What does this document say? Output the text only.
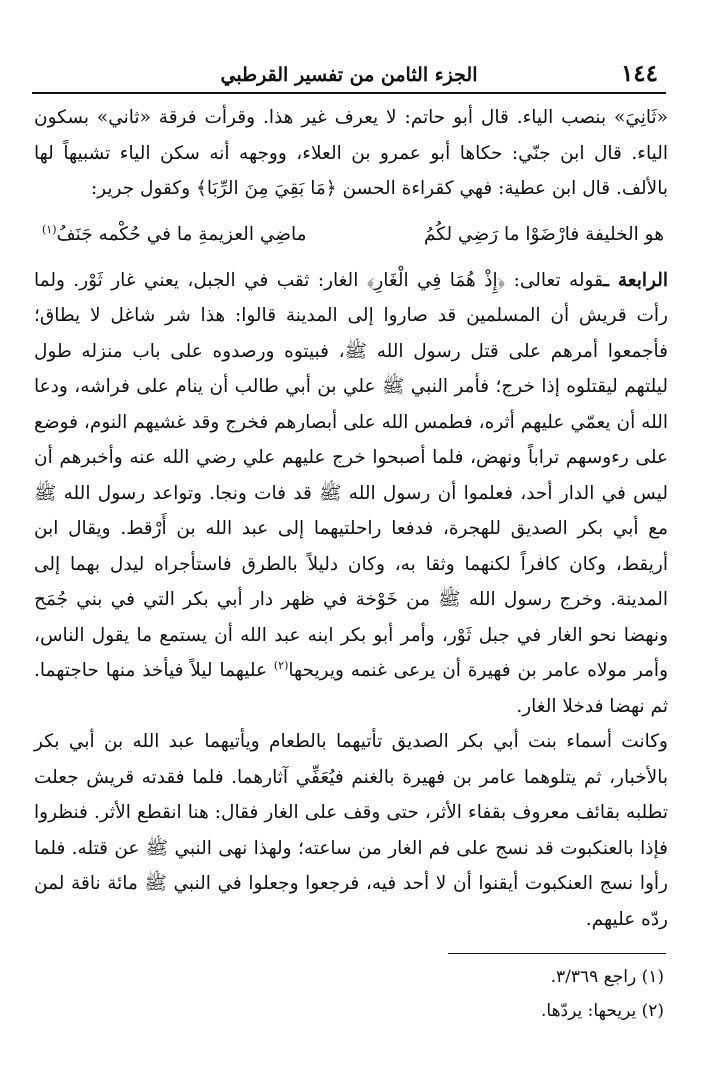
١٤٤
الجزء الثامن من تفسير القرطبي

«ثَانِيَ» بنصب الياء. قال أبو حاتم: لا يعرف غير هذا. وقرأت فرقة «ثاني» بسكون الياء. قال ابن جنّي: حكاها أبو عمرو بن العلاء، ووجهه أنه سكن الياء تشبيهاً لها بالألف. قال ابن عطية: فهي كقراءة الحسن ﴿مَا بَقِيَ مِنَ الرِّبَا﴾ وكقول جرير:

هو الخليفة فارْضَوْا ما رَضِي لكُمُ
ماضِي العزيمةِ ما في حُكْمه جَنَفُ$^{(١)}$

الرابعة ـقوله تعالى: ﴿إِذْ هُمَا فِي الْغَارِ﴾ الغار: ثقب في الجبل، يعني غار ثَوْر. ولما رأت قريش أن المسلمين قد صاروا إلى المدينة قالوا: هذا شر شاغل لا يطاق؛ فأجمعوا أمرهم على قتل رسول الله ﷺ، فبيتوه ورصدوه على باب منزله طول ليلتهم ليقتلوه إذا خرج؛ فأمر النبي ﷺ علي بن أبي طالب أن ينام على فراشه، ودعا الله أن يعمّي عليهم أثره، فطمس الله على أبصارهم فخرج وقد غشيهم النوم، فوضع على رءوسهم تراباً ونهض، فلما أصبحوا خرج عليهم علي رضي الله عنه وأخبرهم أن ليس في الدار أحد، فعلموا أن رسول الله ﷺ قد فات ونجا. وتواعد رسول الله ﷺ مع أبي بكر الصديق للهجرة، فدفعا راحلتيهما إلى عبد الله بن أَرْقط. ويقال ابن أريقط، وكان كافراً لكنهما وثقا به، وكان دليلاً بالطرق فاستأجراه ليدل بهما إلى المدينة. وخرج رسول الله ﷺ من خَوْخة في ظهر دار أبي بكر التي في بني جُمَح ونهضا نحو الغار في جبل ثَوْر، وأمر أبو بكر ابنه عبد الله أن يستمع ما يقول الناس، وأمر مولاه عامر بن فهيرة أن يرعى غنمه ويريحها$^{(٢)}$ عليهما ليلاً فيأخذ منها حاجتهما. ثم نهضا فدخلا الغار.

وكانت أسماء بنت أبي بكر الصديق تأتيهما بالطعام ويأتيهما عبد الله بن أبي بكر بالأخبار، ثم يتلوهما عامر بن فهيرة بالغنم فيُعَفِّي آثارهما. فلما فقدته قريش جعلت تطلبه بقائف معروف بقفاء الأثر، حتى وقف على الغار فقال: هنا انقطع الأثر. فنظروا فإذا بالعنكبوت قد نسج على فم الغار من ساعته؛ ولهذا نهى النبي ﷺ عن قتله. فلما رأوا نسج العنكبوت أيقنوا أن لا أحد فيه، فرجعوا وجعلوا في النبي ﷺ مائة ناقة لمن ردّه عليهم.

(١) راجع ٣/٣٦٩.
(٢) يريحها: يردّها.
